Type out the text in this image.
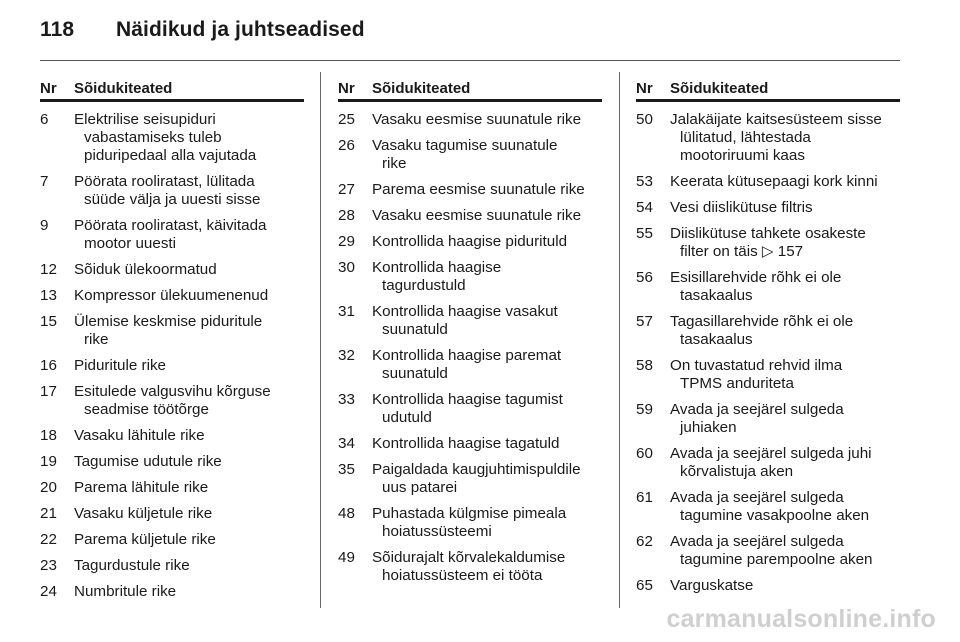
118 Näidikud ja juhtseadised
Nr	Sõidukiteated
6	Elektrilise seisupiduri
vabastamiseks tuleb
piduripedaal alla vajutada
7	Pöörata rooliratast, lülitada
süüde välja ja uuesti sisse
9	Pöörata rooliratast, käivitada
mootor uuesti
12	Sõiduk ülekoormatud
13	Kompressor ülekuumenenud
15	Ülemise keskmise piduritule
rike
16	Piduritule rike
17	Esitulede valgusvihu kõrguse
seadmise töötõrge
18	Vasaku lähitule rike
19	Tagumise udutule rike
20	Parema lähitule rike
21	Vasaku küljetule rike
22	Parema küljetule rike
23	Tagurdustule rike
24	Numbritule rike
Nr	Sõidukiteated
25	Vasaku eesmise suunatule rike
26	Vasaku tagumise suunatule
rike
27	Parema eesmise suunatule rike
28	Vasaku eesmise suunatule rike
29	Kontrollida haagise pidurituld
30	Kontrollida haagise
tagurdustuld
31	Kontrollida haagise vasakut
suunatuld
32	Kontrollida haagise paremat
suunatuld
33	Kontrollida haagise tagumist
udutuld
34	Kontrollida haagise tagatuld
35	Paigaldada kaugjuhtimispuldile
uus patarei
48	Puhastada külgmise pimeala
hoiatussüsteemi
49	Sõidurajalt kõrvalekaldumise
hoiatussüsteem ei tööta
Nr	Sõidukiteated
50	Jalakäijate kaitsesüsteem sisse
lülitatud, lähtestada
mootoriruumi kaas
53	Keerata kütusepaagi kork kinni
54	Vesi diislikütuse filtris
55	Diislikütuse tahkete osakeste
filter on täis ▷ 157
56	Esisillarehvide rõhk ei ole
tasakaalus
57	Tagasillarehvide rõhk ei ole
tasakaalus
58	On tuvastatud rehvid ilma
TPMS anduriteta
59	Avada ja seejärel sulgeda
juhiaken
60	Avada ja seejärel sulgeda juhi
kõrvalistuja aken
61	Avada ja seejärel sulgeda
tagumine vasakpoolne aken
62	Avada ja seejärel sulgeda
tagumine parempoolne aken
65	Varguskatse
carmanualsonline.info
